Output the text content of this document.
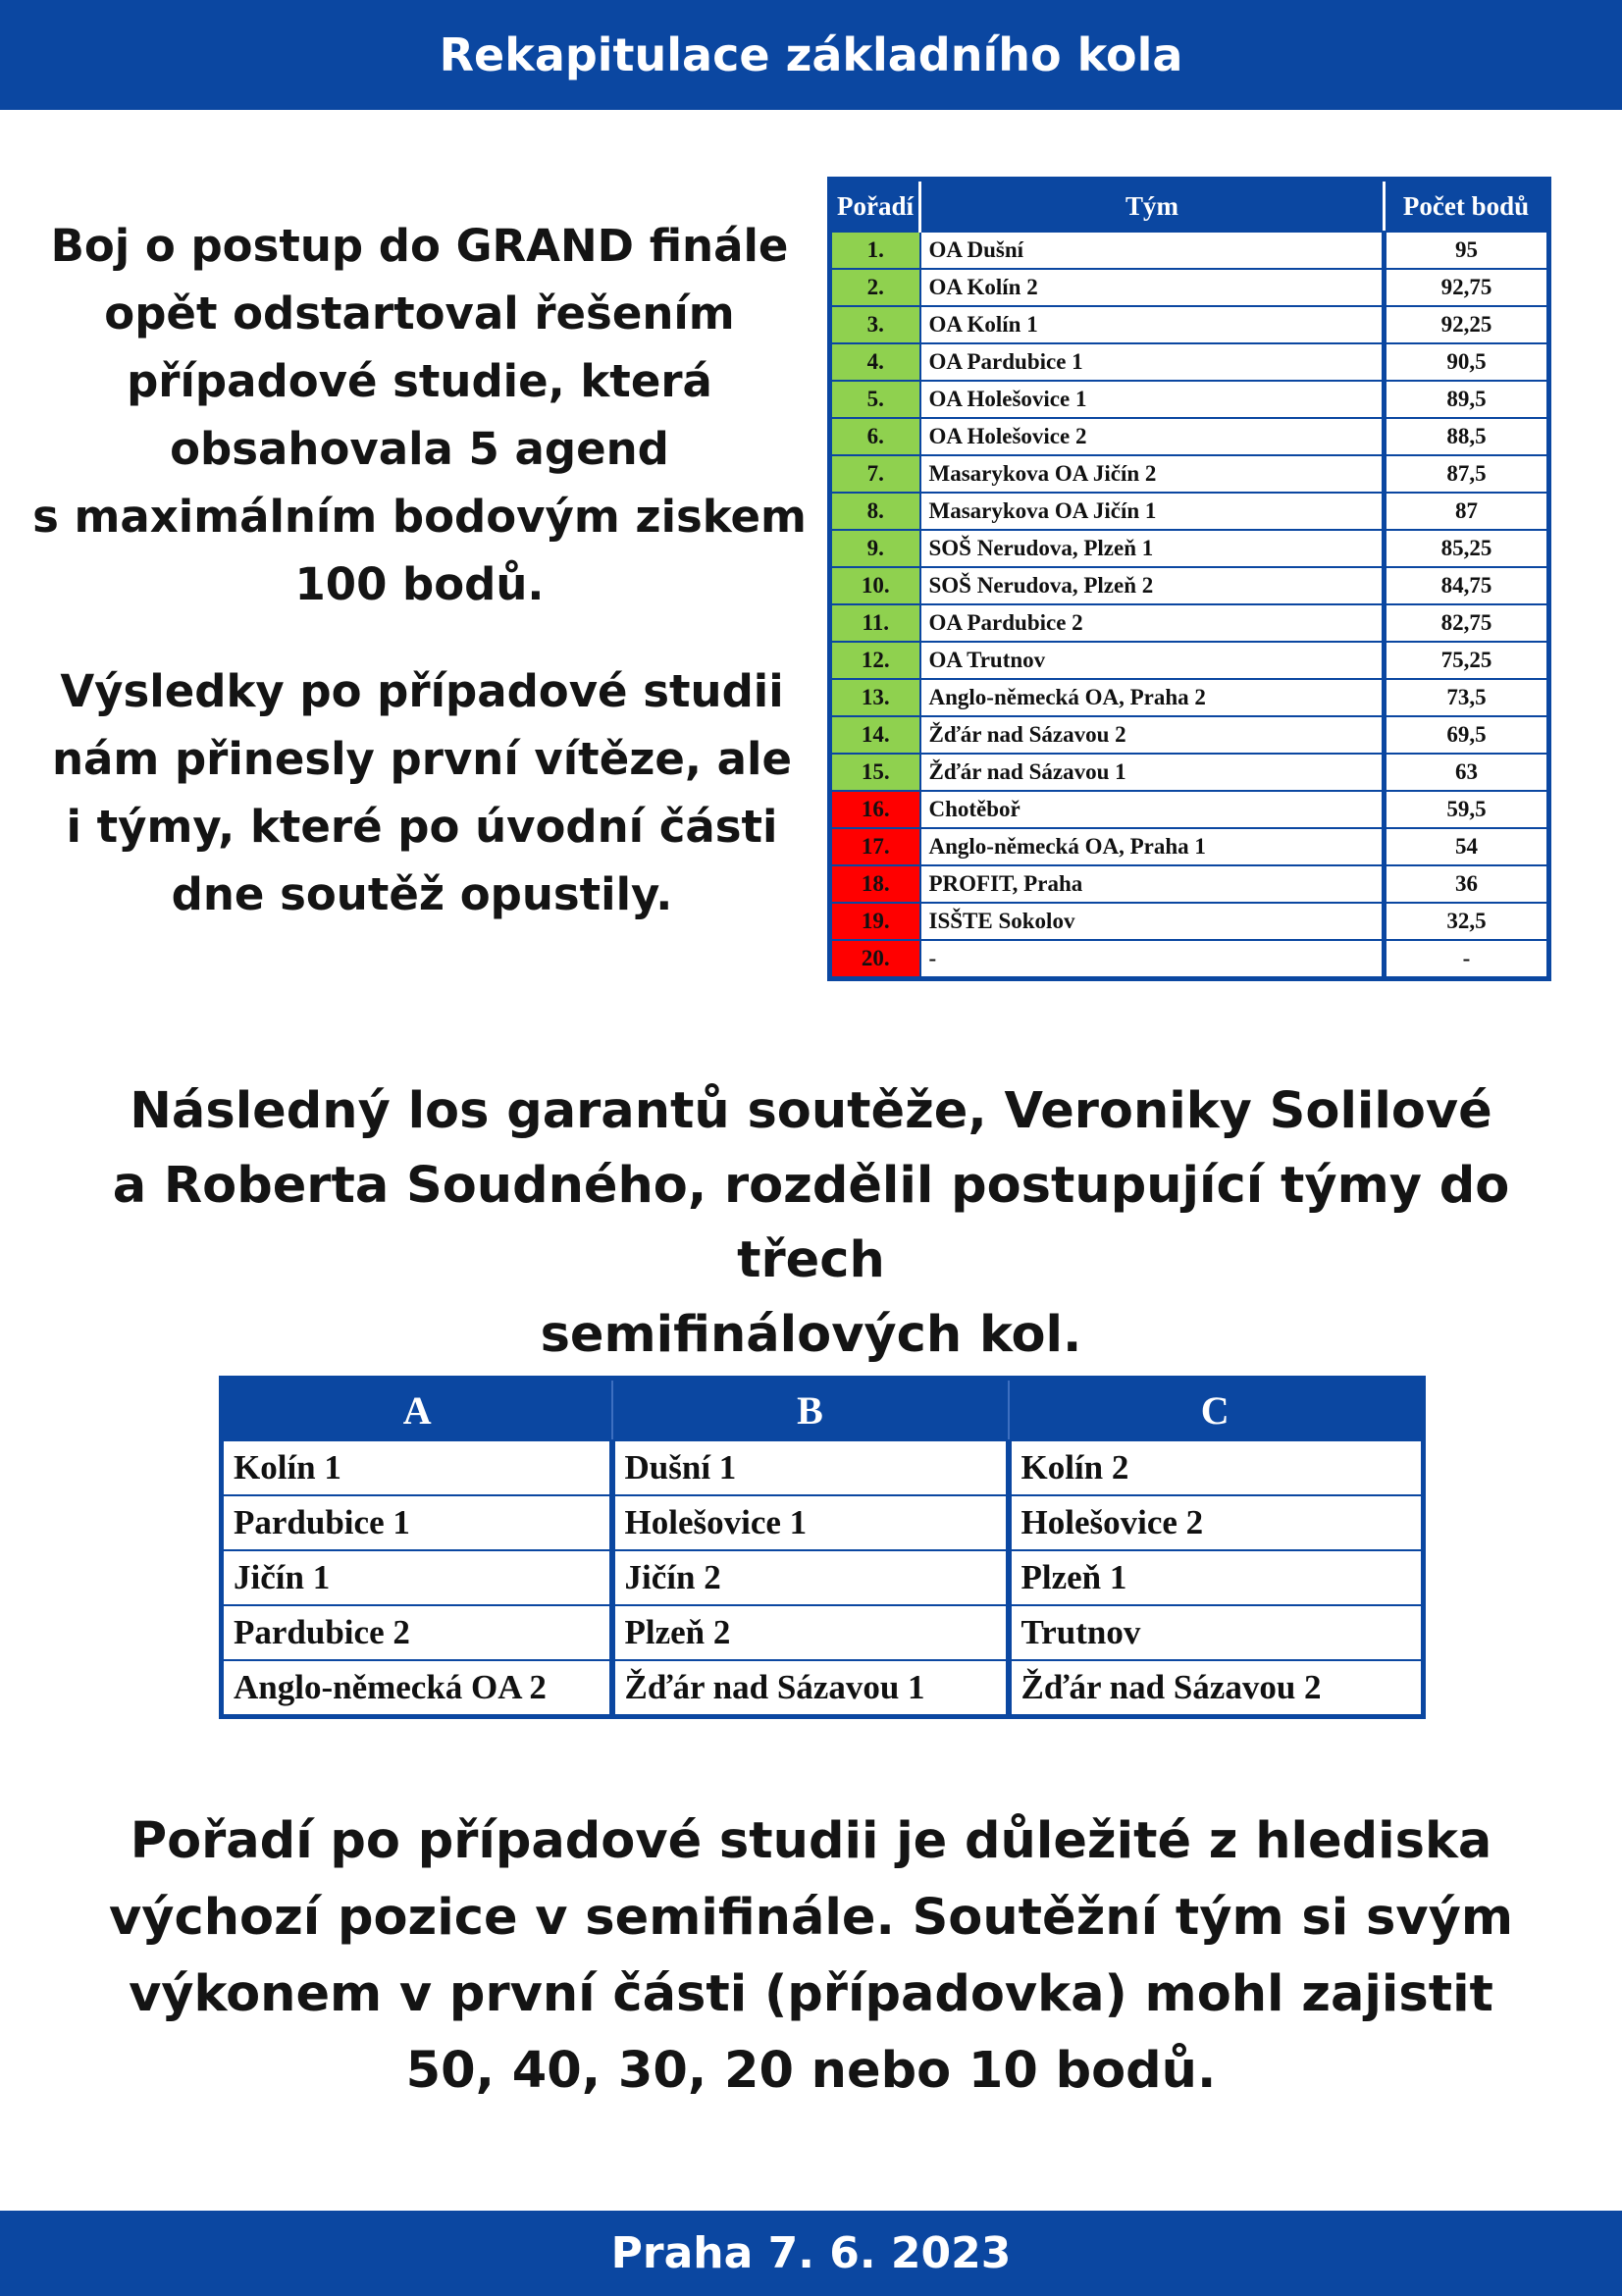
Rekapitulace základního kola

Boj o postup do GRAND finále
opět odstartoval řešením
případové studie, která
obsahovala 5 agend
s maximálním bodovým ziskem
100 bodů.

Výsledky po případové studii
nám přinesly první vítěze, ale
i týmy, které po úvodní části
dne soutěž opustily.

Pořadí	Tým	Počet bodů
1.	OA Dušní	95
2.	OA Kolín 2	92,75
3.	OA Kolín 1	92,25
4.	OA Pardubice 1	90,5
5.	OA Holešovice 1	89,5
6.	OA Holešovice 2	88,5
7.	Masarykova OA Jičín 2	87,5
8.	Masarykova OA Jičín 1	87
9.	SOŠ Nerudova, Plzeň 1	85,25
10.	SOŠ Nerudova, Plzeň 2	84,75
11.	OA Pardubice 2	82,75
12.	OA Trutnov	75,25
13.	Anglo-německá OA, Praha 2	73,5
14.	Žďár nad Sázavou 2	69,5
15.	Žďár nad Sázavou 1	63
16.	Chotěboř	59,5
17.	Anglo-německá OA, Praha 1	54
18.	PROFIT, Praha	36
19.	ISŠTE Sokolov	32,5
20.	-	-

Následný los garantů soutěže, Veroniky Solilové
a Roberta Soudného, rozdělil postupující týmy do třech
semifinálových kol.

A	B	C
Kolín 1	Dušní 1	Kolín 2
Pardubice 1	Holešovice 1	Holešovice 2
Jičín 1	Jičín 2	Plzeň 1
Pardubice 2	Plzeň 2	Trutnov
Anglo-německá OA 2	Žďár nad Sázavou 1	Žďár nad Sázavou 2

Pořadí po případové studii je důležité z hlediska
výchozí pozice v semifinále. Soutěžní tým si svým
výkonem v první části (případovka) mohl zajistit
50, 40, 30, 20 nebo 10 bodů.

Praha 7. 6. 2023
